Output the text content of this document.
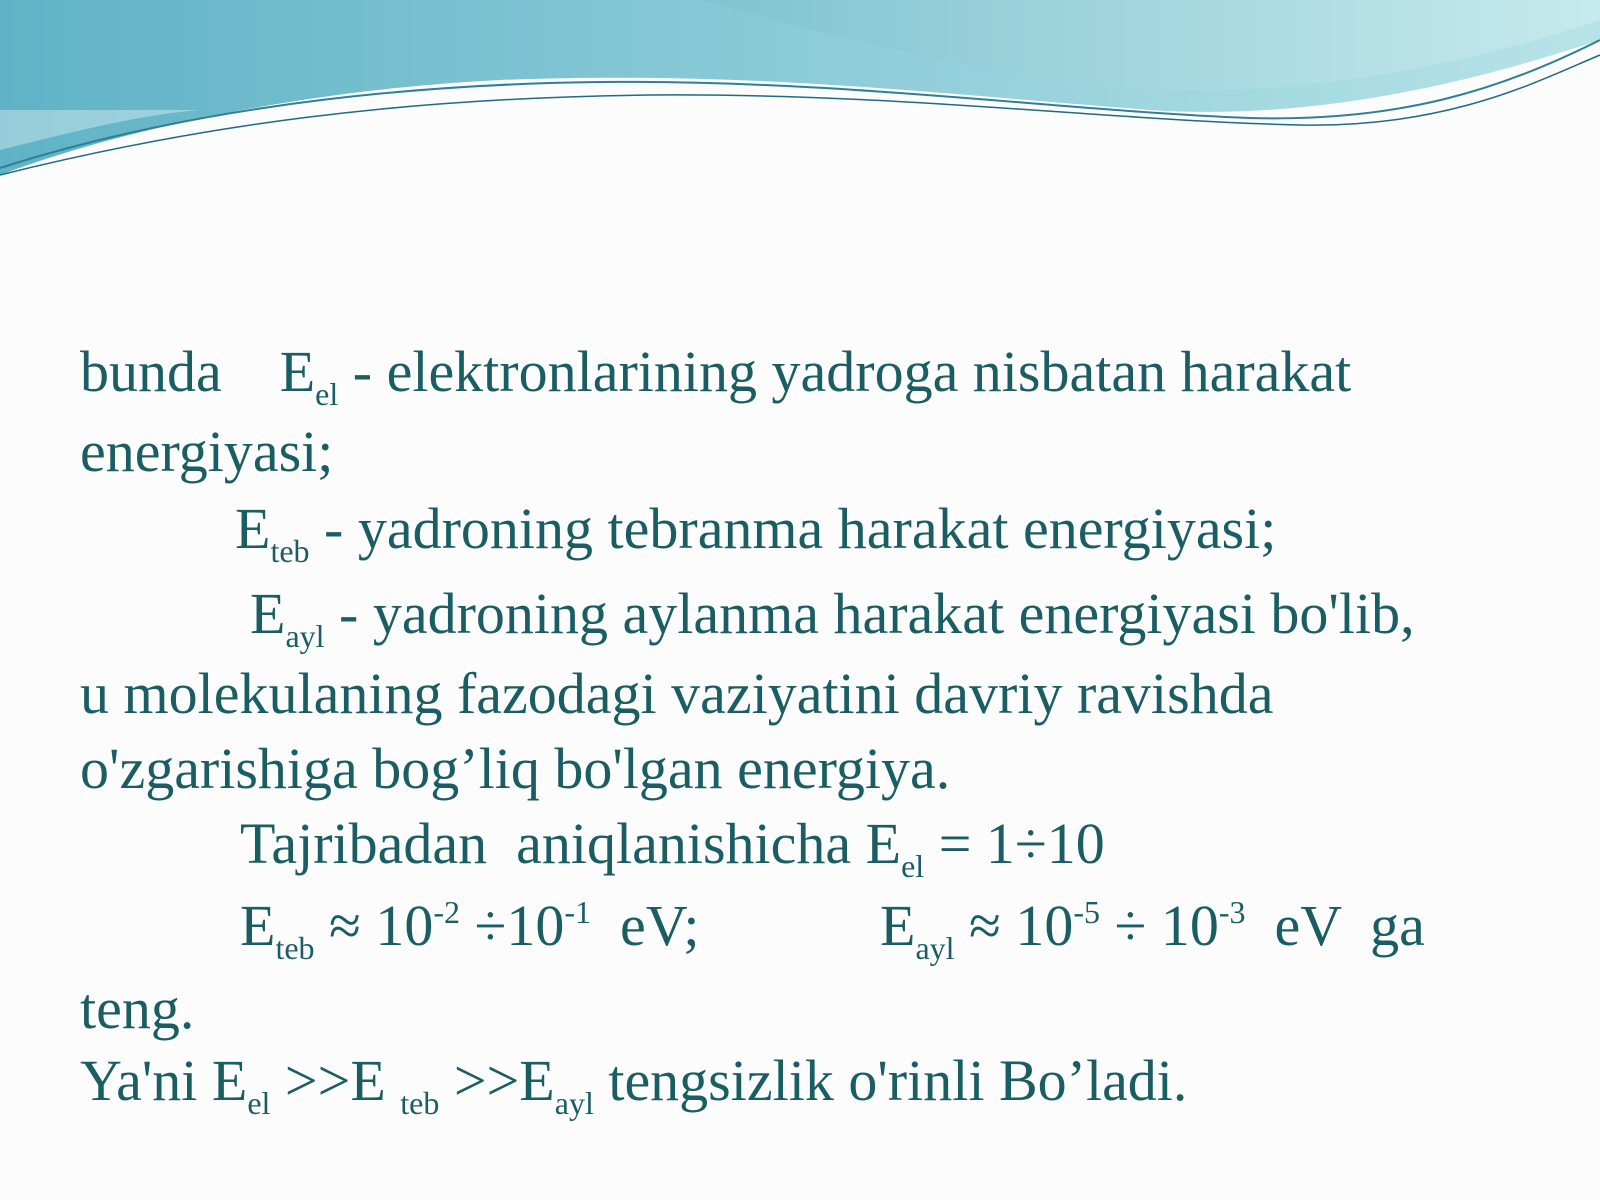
bunda    $E_{el}$ - elektronlarining yadroga nisbatan harakat
energiyasi;
$E_{teb}$ - yadroning tebranma harakat energiyasi;
$E_{ayl}$ - yadroning aylanma harakat energiyasi bo'lib,
u molekulaning fazodagi vaziyatini davriy ravishda
o'zgarishiga bog’liq bo'lgan energiya.
Tajribadan  aniqlanishicha $E_{el} = 1\div 10$
$E_{teb} \approx 10^{-2} \div 10^{-1}$  eV;	$E_{ayl} \approx 10^{-5} \div 10^{-3}$  eV  ga
teng.
Ya'ni $E_{el} >>E$ $_{teb} >>E_{ayl}$ tengsizlik o'rinli Bo’ladi.
